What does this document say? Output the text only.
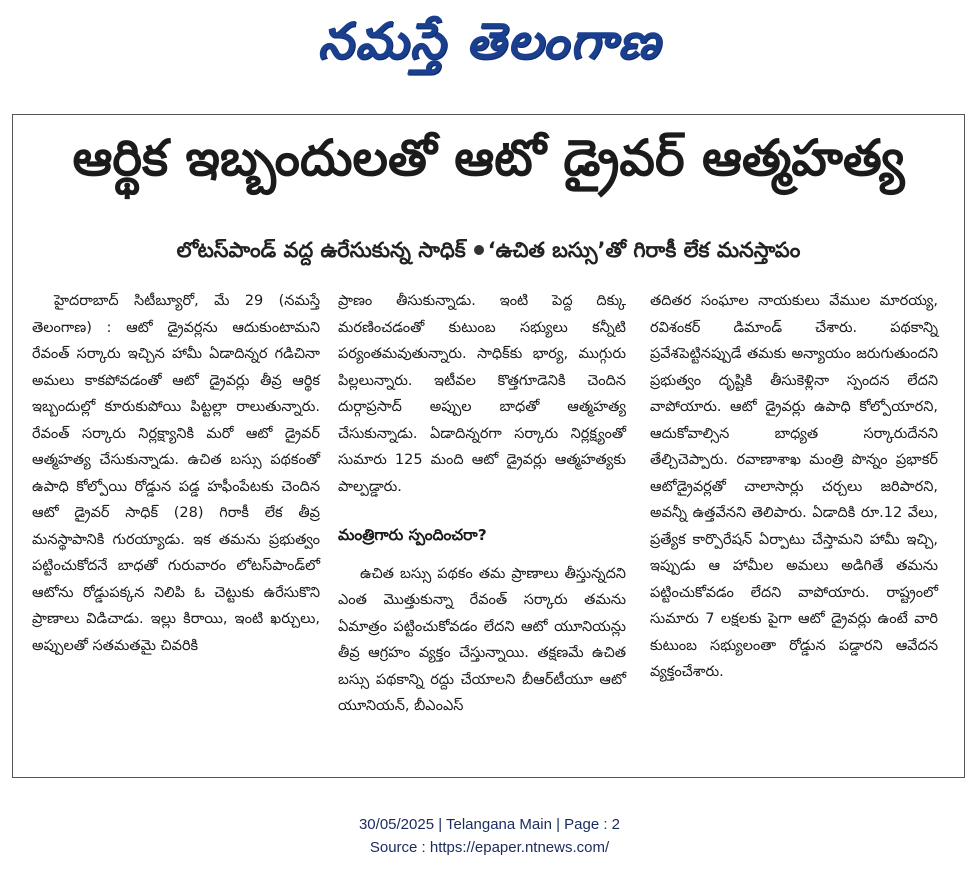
నమస్తే తెలంగాణ
ఆర్థిక ఇబ్బందులతో ఆటో డ్రైవర్ ఆత్మహత్య
లోటస్‌పాండ్ వద్ద ఉరేసుకున్న సాధిక్ ‘ఉచిత బస్సు’తో గిరాకీ లేక మనస్తాపం

హైదరాబాద్ సిటీబ్యూరో, మే 29 (నమస్తే తెలంగాణ) : ఆటో డ్రైవర్లను ఆదుకుంటామని రేవంత్ సర్కారు ఇచ్చిన హామీ ఏడాదిన్నర గడిచినా అమలు కాకపోవడంతో ఆటో డ్రైవర్లు తీవ్ర ఆర్థిక ఇబ్బందుల్లో కూరుకుపోయి పిట్టల్లా రాలుతున్నారు. రేవంత్ సర్కారు నిర్లక్ష్యానికి మరో ఆటో డ్రైవర్ ఆత్మహత్య చేసుకున్నాడు. ఉచిత బస్సు పథకంతో ఉపాధి కోల్పోయి రోడ్డున పడ్డ హఫీంపేటకు చెందిన ఆటో డ్రైవర్ సాధిక్ (28) గిరాకీ లేక తీవ్ర మనస్థాపానికి గురయ్యాడు. ఇక తమను ప్రభుత్వం పట్టించుకోదనే బాధతో గురువారం లోటస్‌పాండ్‌లో ఆటోను రోడ్డుపక్కన నిలిపి ఓ చెట్టుకు ఉరేసుకొని ప్రాణాలు విడిచాడు. ఇల్లు కిరాయి, ఇంటి ఖర్చులు, అప్పులతో సతమతమై చివరికి

ప్రాణం తీసుకున్నాడు. ఇంటి పెద్ద దిక్కు మరణించడంతో కుటుంబ సభ్యులు కన్నీటి పర్యంతమవుతున్నారు. సాధిక్‌కు భార్య, ముగ్గురు పిల్లలున్నారు. ఇటీవల కొత్తగూడెనికి చెందిన దుర్గాప్రసాద్ అప్పుల బాధతో ఆత్మహత్య చేసుకున్నాడు. ఏడాదిన్నరగా సర్కారు నిర్లక్ష్యంతో సుమారు 125 మంది ఆటో డ్రైవర్లు ఆత్మహత్యకు పాల్పడ్డారు.

మంత్రిగారు స్పందించరా?

ఉచిత బస్సు పథకం తమ ప్రాణాలు తీస్తున్నదని ఎంత మొత్తుకున్నా రేవంత్ సర్కారు తమను ఏమాత్రం పట్టించుకోవడం లేదని ఆటో యూనియన్లు తీవ్ర ఆగ్రహం వ్యక్తం చేస్తున్నాయి. తక్షణమే ఉచిత బస్సు పథకాన్ని రద్దు చేయాలని బీఆర్‌టీయూ ఆటో యూనియన్, బీఎంఎస్

తదితర సంఘాల నాయకులు వేముల మారయ్య, రవిశంకర్ డిమాండ్ చేశారు. పథకాన్ని ప్రవేశపెట్టినప్పుడే తమకు అన్యాయం జరుగుతుందని ప్రభుత్వం దృష్టికి తీసుకెళ్లినా స్పందన లేదని వాపోయారు. ఆటో డ్రైవర్లు ఉపాధి కోల్పోయారని, ఆదుకోవాల్సిన బాధ్యత సర్కారుదేనని తేల్చిచెప్పారు. రవాణాశాఖ మంత్రి పొన్నం ప్రభాకర్ ఆటోడ్రైవర్లతో చాలాసార్లు చర్చలు జరిపారని, అవన్నీ ఉత్తవేనని తెలిపారు. ఏడాదికి రూ.12 వేలు, ప్రత్యేక కార్పొరేషన్ ఏర్పాటు చేస్తామని హామీ ఇచ్చి, ఇప్పుడు ఆ హామీల అమలు అడిగితే తమను పట్టించుకోవడం లేదని వాపోయారు. రాష్ట్రంలో సుమారు 7 లక్షలకు పైగా ఆటో డ్రైవర్లు ఉంటే వారి కుటుంబ సభ్యులంతా రోడ్డున పడ్డారని ఆవేదన వ్యక్తంచేశారు.

30/05/2025 | Telangana Main | Page : 2
Source : https://epaper.ntnews.com/
